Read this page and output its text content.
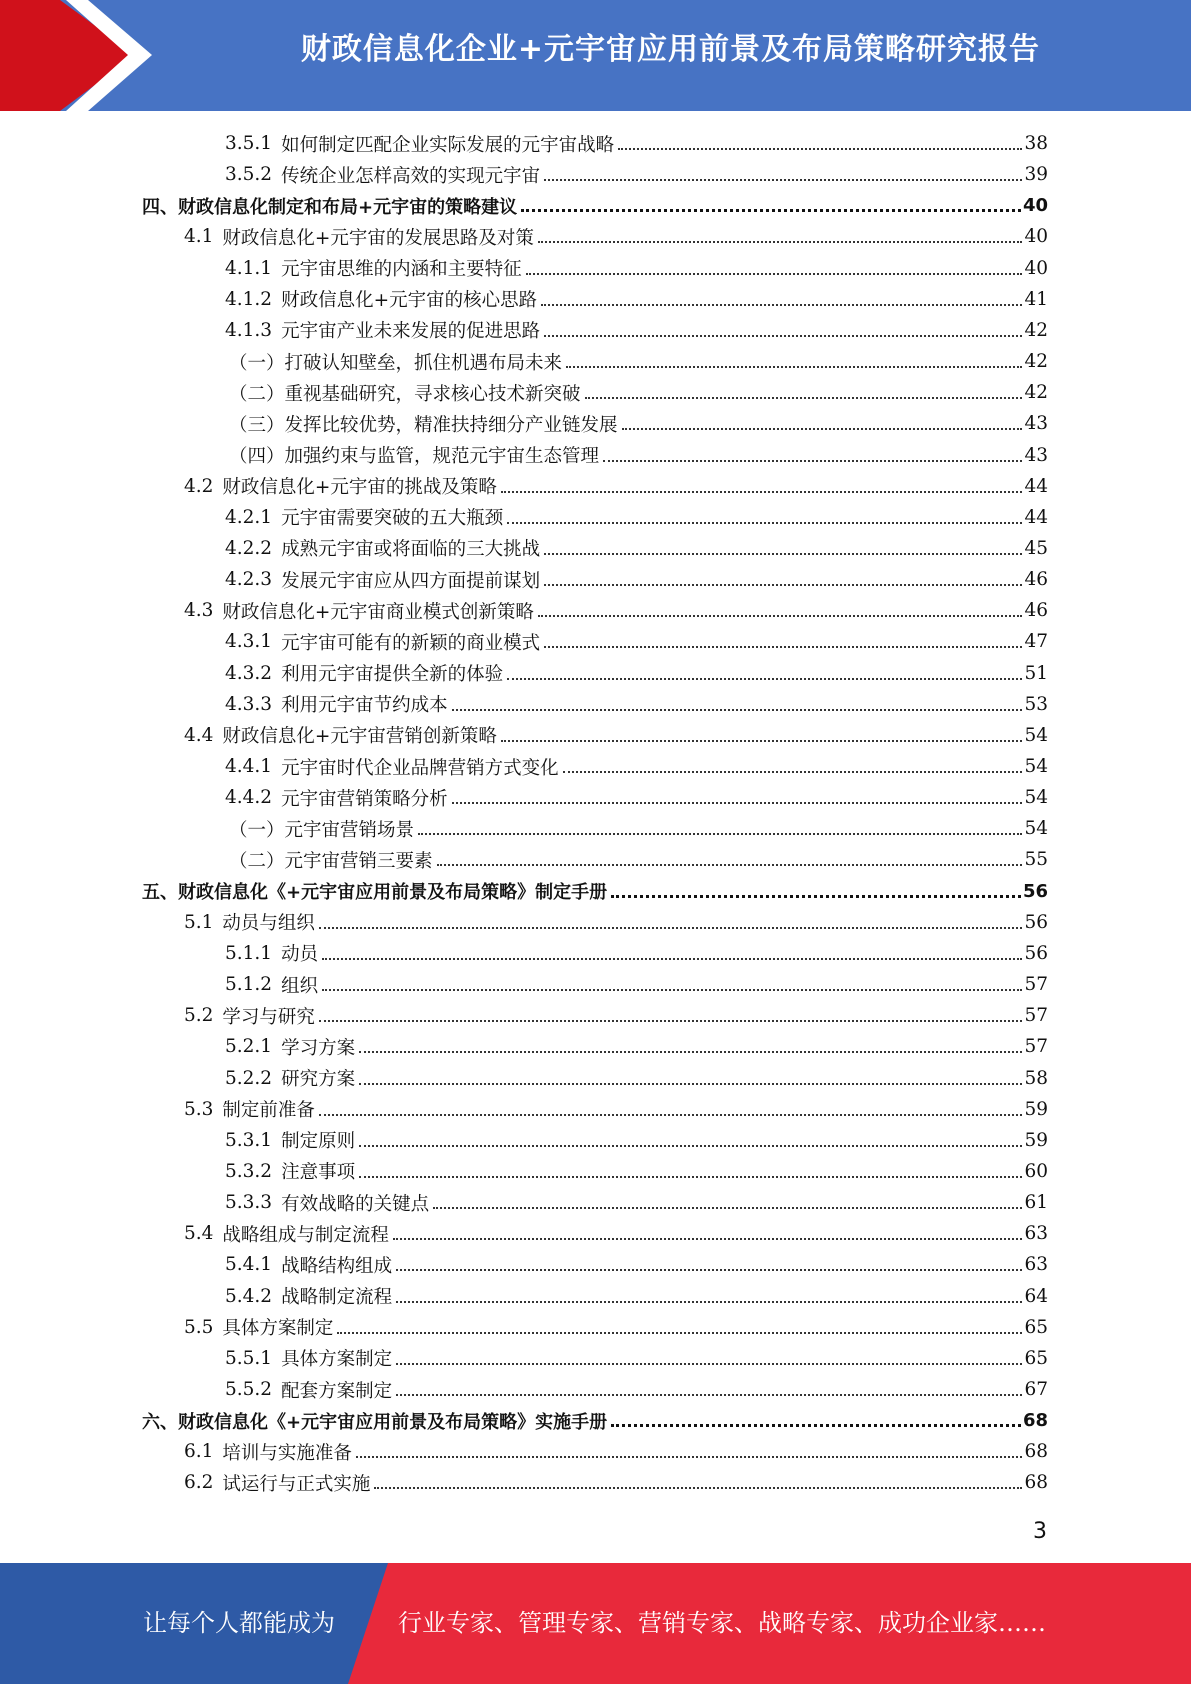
财政信息化企业+元宇宙应用前景及布局策略研究报告
3.5.1 如何制定匹配企业实际发展的元宇宙战略	38
3.5.2 传统企业怎样高效的实现元宇宙	39
四、财政信息化制定和布局+元宇宙的策略建议	40
4.1 财政信息化+元宇宙的发展思路及对策	40
4.1.1 元宇宙思维的内涵和主要特征	40
4.1.2 财政信息化+元宇宙的核心思路	41
4.1.3 元宇宙产业未来发展的促进思路	42
（一）打破认知壁垒，抓住机遇布局未来	42
（二）重视基础研究，寻求核心技术新突破	42
（三）发挥比较优势，精准扶持细分产业链发展	43
（四）加强约束与监管，规范元宇宙生态管理	43
4.2 财政信息化+元宇宙的挑战及策略	44
4.2.1 元宇宙需要突破的五大瓶颈	44
4.2.2 成熟元宇宙或将面临的三大挑战	45
4.2.3 发展元宇宙应从四方面提前谋划	46
4.3 财政信息化+元宇宙商业模式创新策略	46
4.3.1 元宇宙可能有的新颖的商业模式	47
4.3.2 利用元宇宙提供全新的体验	51
4.3.3 利用元宇宙节约成本	53
4.4 财政信息化+元宇宙营销创新策略	54
4.4.1 元宇宙时代企业品牌营销方式变化	54
4.4.2 元宇宙营销策略分析	54
（一）元宇宙营销场景	54
（二）元宇宙营销三要素	55
五、财政信息化《+元宇宙应用前景及布局策略》制定手册	56
5.1 动员与组织	56
5.1.1 动员	56
5.1.2 组织	57
5.2 学习与研究	57
5.2.1 学习方案	57
5.2.2 研究方案	58
5.3 制定前准备	59
5.3.1 制定原则	59
5.3.2 注意事项	60
5.3.3 有效战略的关键点	61
5.4 战略组成与制定流程	63
5.4.1 战略结构组成	63
5.4.2 战略制定流程	64
5.5 具体方案制定	65
5.5.1 具体方案制定	65
5.5.2 配套方案制定	67
六、财政信息化《+元宇宙应用前景及布局策略》实施手册	68
6.1 培训与实施准备	68
6.2 试运行与正式实施	68
3
让每个人都能成为	行业专家、管理专家、营销专家、战略专家、成功企业家……
